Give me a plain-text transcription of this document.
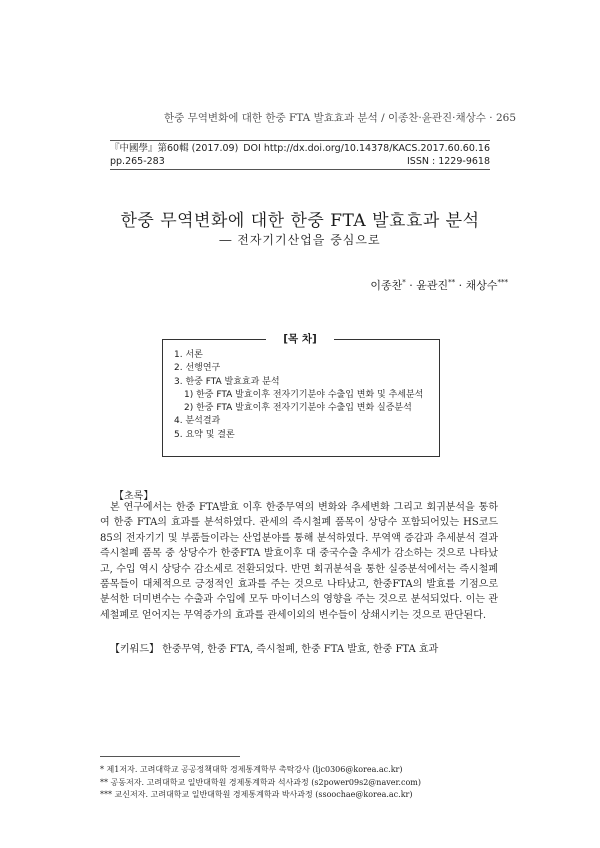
한중 무역변화에 대한 한중 FTA 발효효과 분석 / 이종찬·윤관진·채상수 · 265
『中國學』第60輯 (2017.09) DOI http://dx.doi.org/10.14378/KACS.2017.60.60.16
pp.265-283	ISSN : 1229-9618
한중 무역변화에 대한 한중 FTA 발효효과 분석
― 전자기기산업을 중심으로
이종찬* · 윤관진** · 채상수***
[목 차]
1. 서론
2. 선행연구
3. 한중 FTA 발효효과 분석
1) 한중 FTA 발효이후 전자기기분야 수출입 변화 및 추세분석
2) 한중 FTA 발효이후 전자기기분야 수출입 변화 실증분석
4. 분석결과
5. 요약 및 결론
【초록】

본 연구에서는 한중 FTA발효 이후 한중무역의 변화와 추세변화 그리고 회귀분석을 통하여 한중 FTA의 효과를 분석하였다. 관세의 즉시철폐 품목이 상당수 포함되어있는 HS코드 85의 전자기기 및 부품들이라는 산업분야를 통해 분석하였다. 무역액 증감과 추세분석 결과 즉시철폐 품목 중 상당수가 한중FTA 발효이후 대 중국수출 추세가 감소하는 것으로 나타났고, 수입 역시 상당수 감소세로 전환되었다. 반면 회귀분석을 통한 실증분석에서는 즉시철폐 품목들이 대체적으로 긍정적인 효과를 주는 것으로 나타났고, 한중FTA의 발효를 기점으로 분석한 더미변수는 수출과 수입에 모두 마이너스의 영향을 주는 것으로 분석되었다. 이는 관세철폐로 얻어지는 무역증가의 효과를 관세이외의 변수들이 상쇄시키는 것으로 판단된다.

【키워드】 한중무역, 한중 FTA, 즉시철폐, 한중 FTA 발효, 한중 FTA 효과
* 제1저자. 고려대학교 공공정책대학 경제통계학부 촉탁강사 (ljc0306@korea.ac.kr)
** 공동저자. 고려대학교 일반대학원 경제통계학과 석사과정 (s2power09s2@naver.com)
*** 교신저자. 고려대학교 일반대학원 경제통계학과 박사과정 (ssoochae@korea.ac.kr)
